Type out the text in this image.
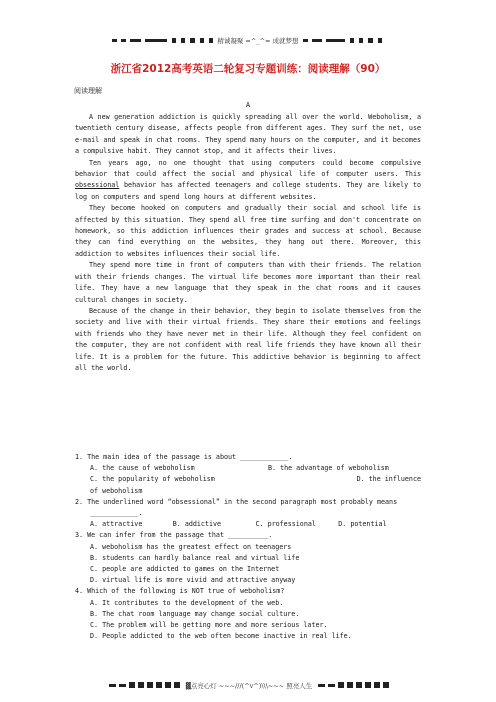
精诚凝聚 =^_^= 成就梦想
浙江省2012高考英语二轮复习专题训练：阅读理解（90）
阅读理解
A

A new generation addiction is quickly spreading all over the world. Weboholism, a twentieth century disease, affects people from different ages. They surf the net, use e-mail and speak in chat rooms. They spend many hours on the computer, and it becomes a compulsive habit. They cannot stop, and it affects their lives.

Ten years ago, no one thought that using computers could become compulsive behavior that could affect the social and physical life of computer users. This obsessional behavior has affected teenagers and college students. They are likely to log on computers and spend long hours at different websites.

They become hooked on computers and gradually their social and school life is affected by this situation. They spend all free time surfing and don't concentrate on homework, so this addiction influences their grades and success at school. Because they can find everything on the websites, they hang out there. Moreover, this addiction to websites influences their social life.

They spend more time in front of computers than with their friends. The relation with their friends changes. The virtual life becomes more important than their real life. They have a new language that they speak in the chat rooms and it causes cultural changes in society.

Because of the change in their behavior, they begin to isolate themselves from the society and live with their virtual friends. They share their emotions and feelings with friends who they have never met in their life. Although they feel confident on the computer, they are not confident with real life friends they have known all their life. It is a problem for the future. This addictive behavior is beginning to affect all the world.

1. The main idea of the passage is about ____________.
A. the cause of weboholism	B. the advantage of weboholism
C. the popularity of weboholism	D. the influence
of weboholism
2. The underlined word “obsessional” in the second paragraph most probably means
____________.
A. attractive	B. addictive	C. professional	D. potential
3. We can infer from the passage that __________.
A. weboholism has the greatest effect on teenagers
B. students can hardly balance real and virtual life
C. people are addicted to games on the Internet
D. virtual life is more vivid and attractive anyway
4. Which of the following is NOT true of weboholism?
A. It contributes to the development of the web.
B. The chat room language may change social culture.
C. The problem will be getting more and more serious later.
D. People addicted to the web often become inactive in real life.
▓点亮心灯 ~~~///(^v^)\\\~~~ 照亮人生
